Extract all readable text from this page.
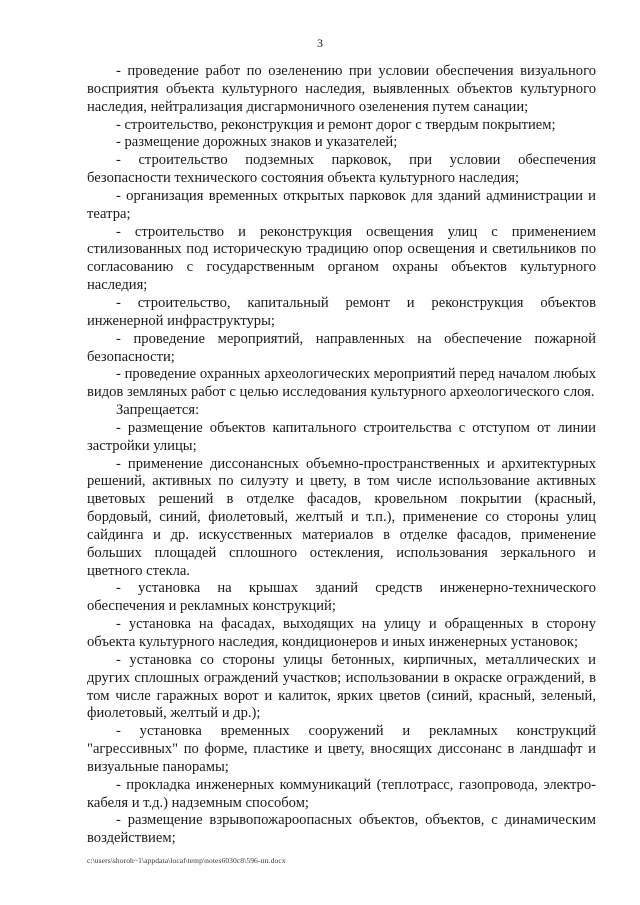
3

- проведение работ по озеленению при условии обеспечения визуального восприятия объекта культурного наследия, выявленных объектов культурного наследия, нейтрализация дисгармоничного озеленения путем санации;

- строительство, реконструкция и ремонт дорог с твердым покрытием;

- размещение дорожных знаков и указателей;

- строительство подземных парковок, при условии обеспечения безопасности технического состояния объекта культурного наследия;

- организация временных открытых парковок для зданий администрации и театра;

- строительство и реконструкция освещения улиц с применением стилизованных под историческую традицию опор освещения и светильников по согласованию с государственным органом охраны объектов культурного наследия;

- строительство, капитальный ремонт и реконструкция объектов инженерной инфраструктуры;

- проведение мероприятий, направленных на обеспечение пожарной безопасности;

- проведение охранных археологических мероприятий перед началом любых видов земляных работ с целью исследования культурного археологического слоя.

Запрещается:

- размещение объектов капитального строительства с отступом от линии застройки улицы;

- применение диссонансных объемно-пространственных и архитектурных решений, активных по силуэту и цвету, в том числе использование активных цветовых решений в отделке фасадов, кровельном покрытии (красный, бордовый, синий, фиолетовый, желтый и т.п.), применение со стороны улиц сайдинга и др. искусственных материалов в отделке фасадов, применение больших площадей сплошного остекления, использования зеркального и цветного стекла.

- установка на крышах зданий средств инженерно-технического обеспечения и рекламных конструкций;

- установка на фасадах, выходящих на улицу и обращенных в сторону объекта культурного наследия, кондиционеров и иных инженерных установок;

- установка со стороны улицы бетонных, кирпичных, металлических и других сплошных ограждений участков; использовании в окраске ограждений, в том числе гаражных ворот и калиток, ярких цветов (синий, красный, зеленый, фиолетовый, желтый и др.);

- установка временных сооружений и рекламных конструкций "агрессивных" по форме, пластике и цвету, вносящих диссонанс в ландшафт и визуальные панорамы;

- прокладка инженерных коммуникаций (теплотрасс, газопровода, электро-кабеля и т.д.) надземным способом;

- размещение взрывопожароопасных объектов, объектов, с динамическим воздействием;

c:\users\shoroh~1\appdata\local\temp\notes6030c8\596-пп.docx
